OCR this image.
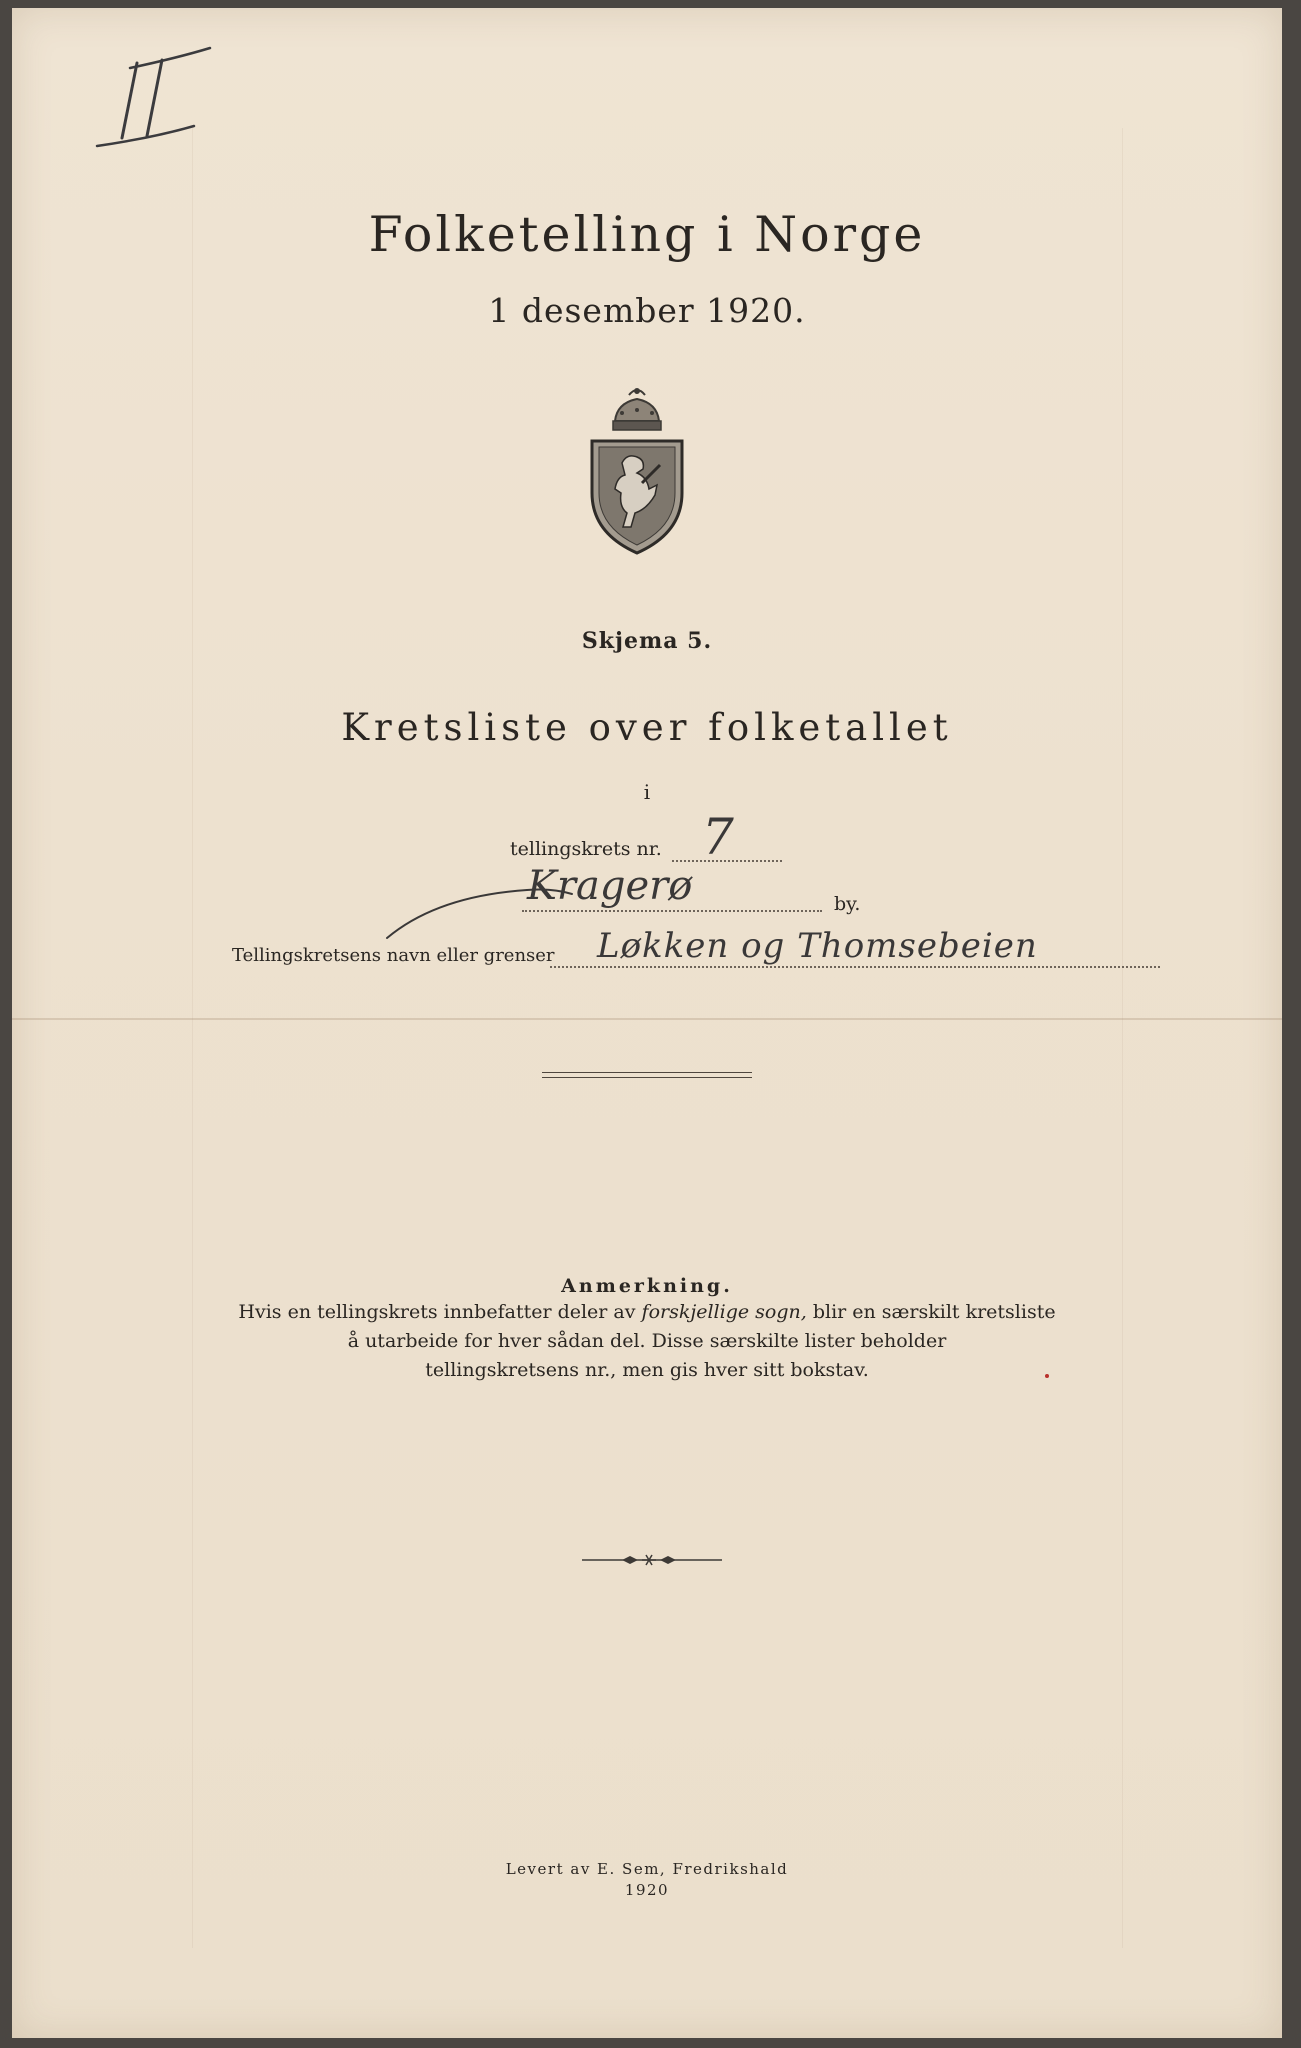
II
Folketelling i Norge
1 desember 1920.
Skjema 5.
Kretsliste over folketallet
i
tellingskrets nr. 7
Kragerø	by.
Tellingskretsens navn eller grenser Løkken og Thomsebeien
Anmerkning.
Hvis en tellingskrets innbefatter deler av forskjellige sogn, blir en særskilt kretsliste
å utarbeide for hver sådan del. Disse særskilte lister beholder
tellingskretsens nr., men gis hver sitt bokstav.
Levert av E. Sem, Fredrikshald
1920
